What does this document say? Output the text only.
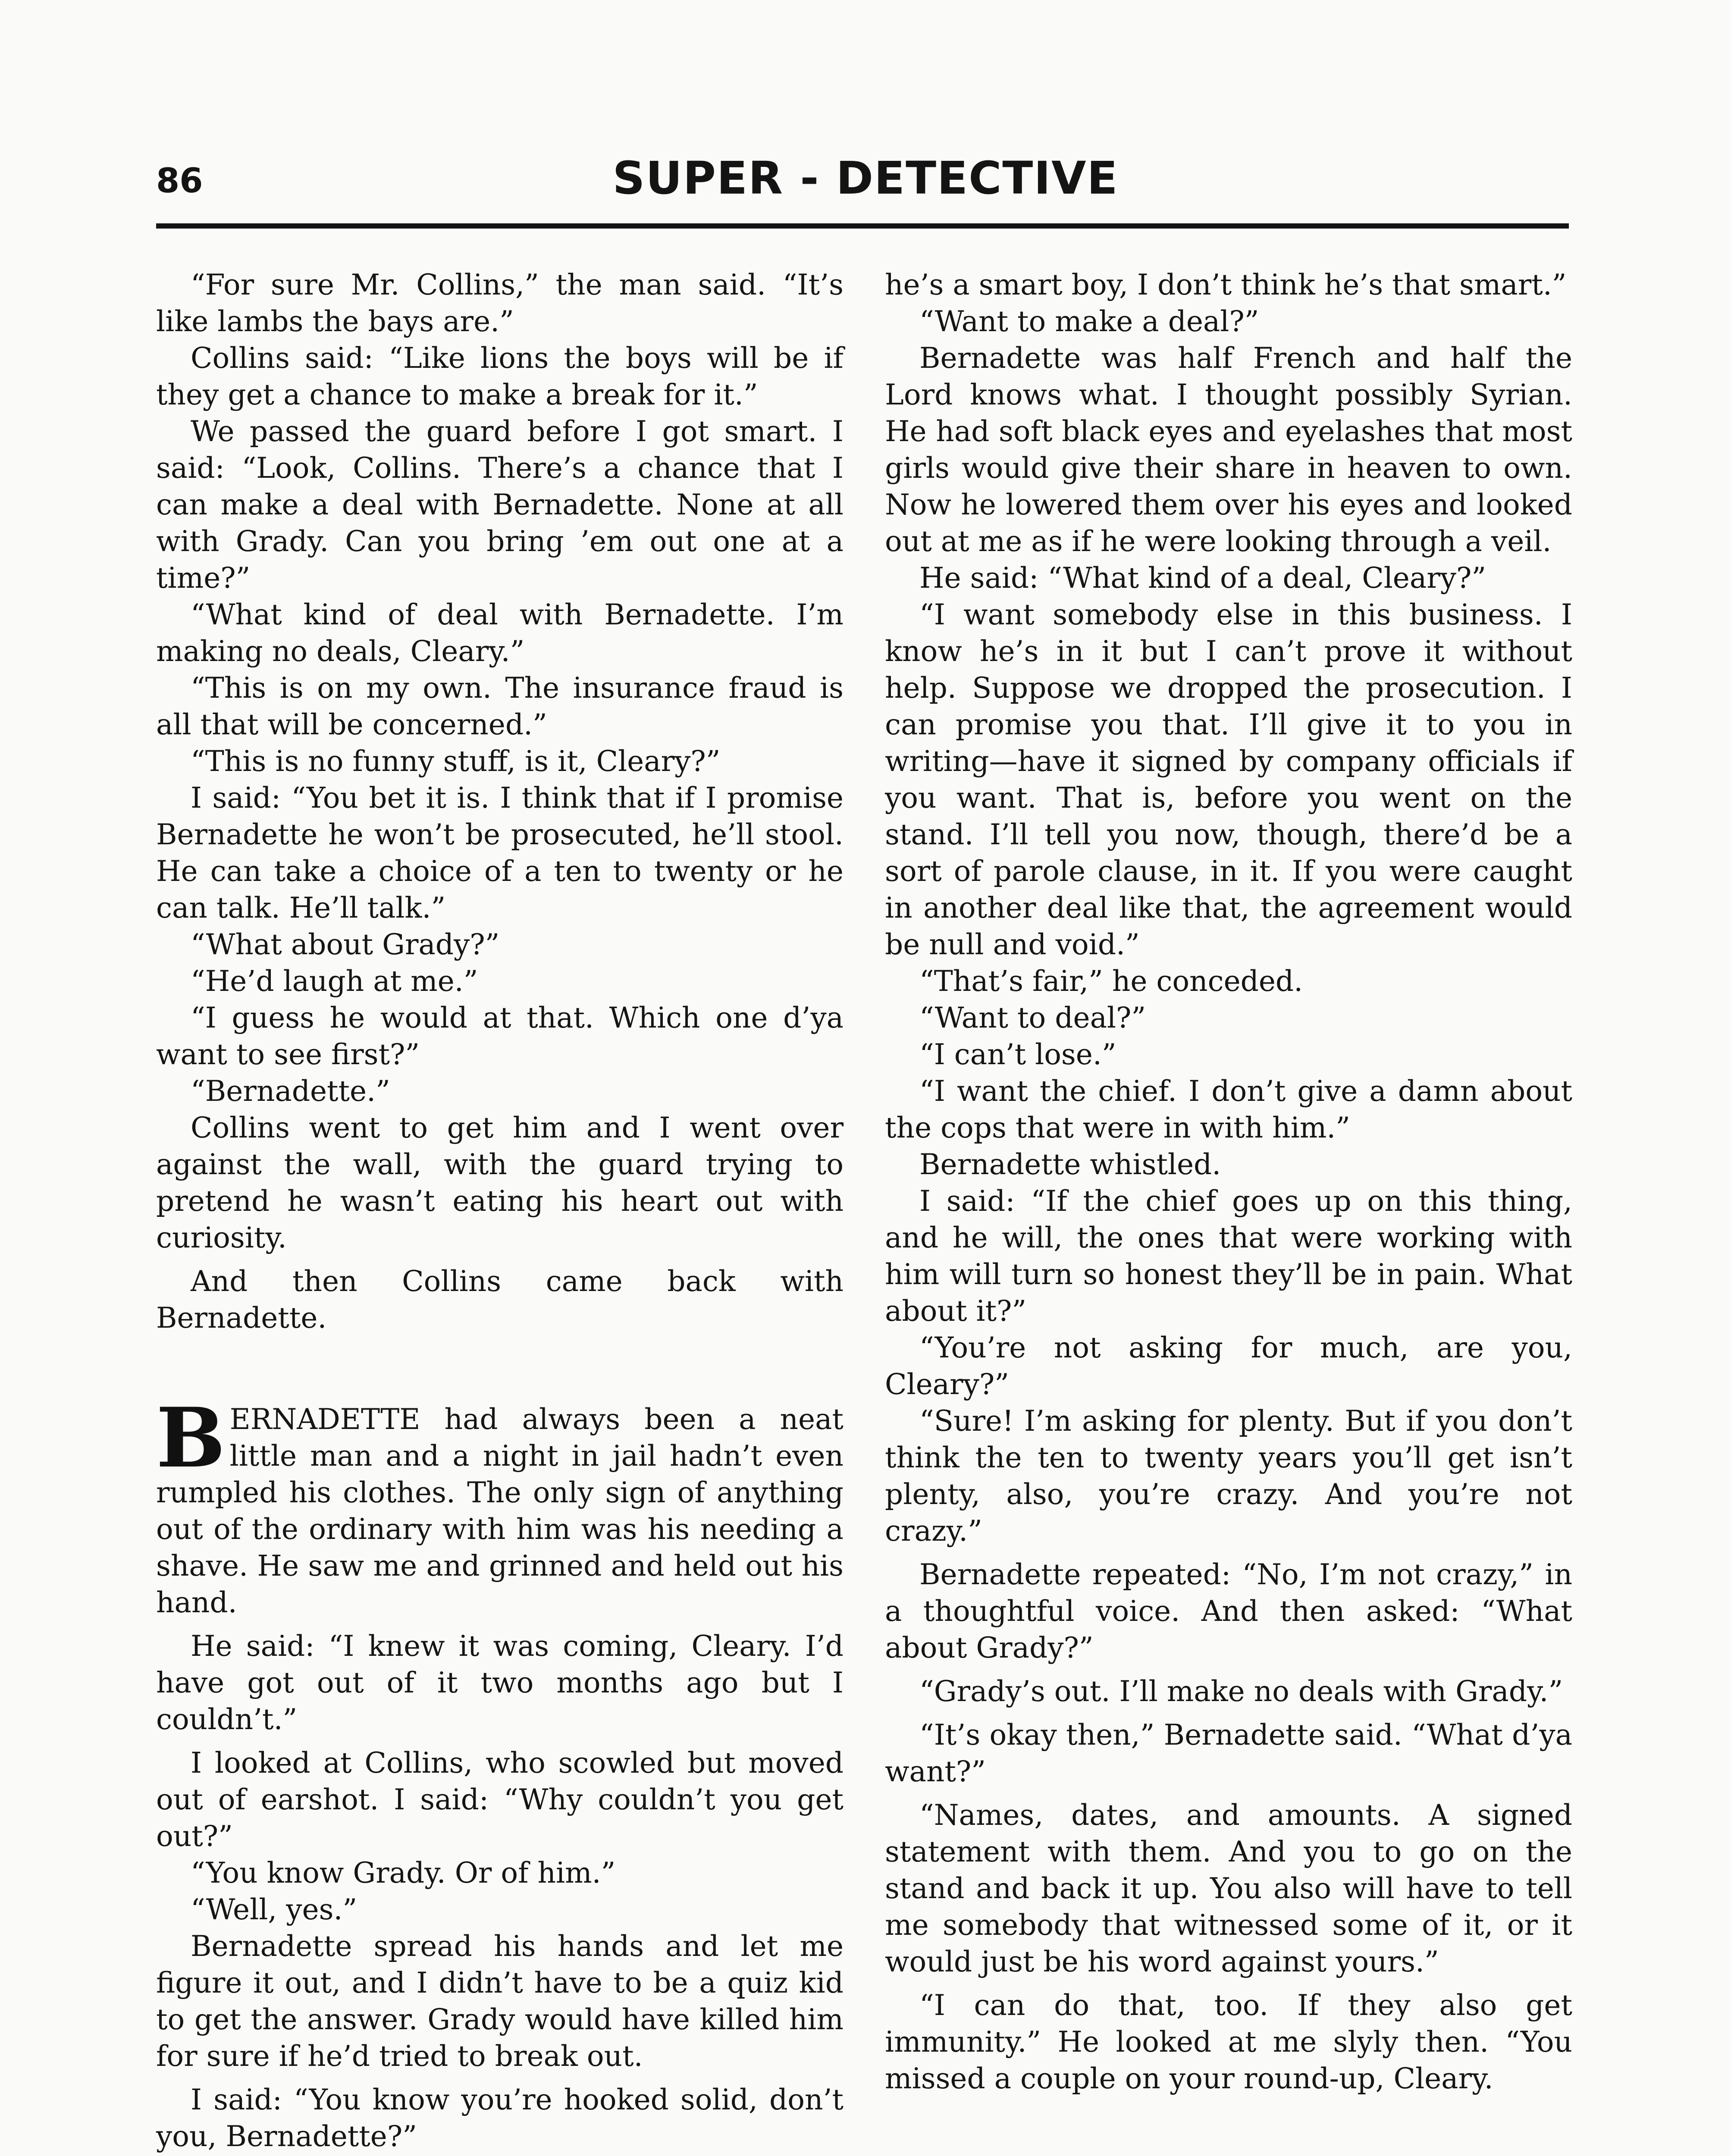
86	SUPER - DETECTIVE

“For sure Mr. Collins,” the man said. “It’s like lambs the bays are.”

Collins said: “Like lions the boys will be if they get a chance to make a break for it.”

We passed the guard before I got smart. I said: “Look, Collins. There’s a chance that I can make a deal with Bernadette. None at all with Grady. Can you bring ’em out one at a time?”

“What kind of deal with Bernadette. I’m making no deals, Cleary.”

“This is on my own. The insurance fraud is all that will be concerned.”

“This is no funny stuff, is it, Cleary?”

I said: “You bet it is. I think that if I promise Bernadette he won’t be prosecuted, he’ll stool. He can take a choice of a ten to twenty or he can talk. He’ll talk.”

“What about Grady?”

“He’d laugh at me.”

“I guess he would at that. Which one d’ya want to see first?”

“Bernadette.”

Collins went to get him and I went over against the wall, with the guard trying to pretend he wasn’t eating his heart out with curiosity.

And then Collins came back with Bernadette.

BERNADETTE had always been a neat little man and a night in jail hadn’t even rumpled his clothes. The only sign of anything out of the ordinary with him was his needing a shave. He saw me and grinned and held out his hand.

He said: “I knew it was coming, Cleary. I’d have got out of it two months ago but I couldn’t.”

I looked at Collins, who scowled but moved out of earshot. I said: “Why couldn’t you get out?”

“You know Grady. Or of him.”

“Well, yes.”

Bernadette spread his hands and let me figure it out, and I didn’t have to be a quiz kid to get the answer. Grady would have killed him for sure if he’d tried to break out.

I said: “You know you’re hooked solid, don’t you, Bernadette?”

he’s a smart boy, I don’t think he’s that smart.”

“Want to make a deal?”

Bernadette was half French and half the Lord knows what. I thought possibly Syrian. He had soft black eyes and eyelashes that most girls would give their share in heaven to own. Now he lowered them over his eyes and looked out at me as if he were looking through a veil.

He said: “What kind of a deal, Cleary?”

“I want somebody else in this business. I know he’s in it but I can’t prove it without help. Suppose we dropped the prosecution. I can promise you that. I’ll give it to you in writing—have it signed by company officials if you want. That is, before you went on the stand. I’ll tell you now, though, there’d be a sort of parole clause, in it. If you were caught in another deal like that, the agreement would be null and void.”

“That’s fair,” he conceded.

“Want to deal?”

“I can’t lose.”

“I want the chief. I don’t give a damn about the cops that were in with him.”

Bernadette whistled.

I said: “If the chief goes up on this thing, and he will, the ones that were working with him will turn so honest they’ll be in pain. What about it?”

“You’re not asking for much, are you, Cleary?”

“Sure! I’m asking for plenty. But if you don’t think the ten to twenty years you’ll get isn’t plenty, also, you’re crazy. And you’re not crazy.”

Bernadette repeated: “No, I’m not crazy,” in a thoughtful voice. And then asked: “What about Grady?”

“Grady’s out. I’ll make no deals with Grady.”

“It’s okay then,” Bernadette said. “What d’ya want?”

“Names, dates, and amounts. A signed statement with them. And you to go on the stand and back it up. You also will have to tell me somebody that witnessed some of it, or it would just be his word against yours.”

“I can do that, too. If they also get immunity.” He looked at me slyly then. “You missed a couple on your round-up, Cleary.
